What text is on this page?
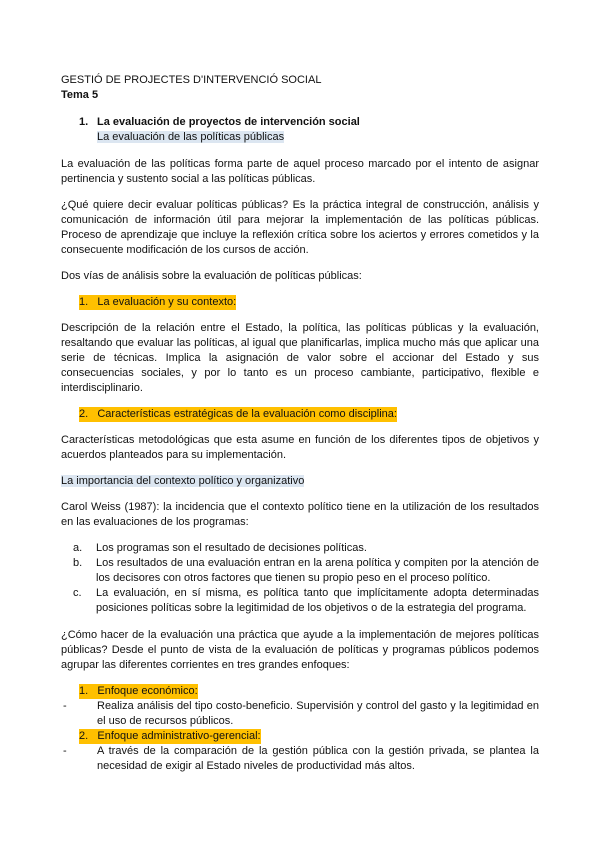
GESTIÓ DE PROJECTES D'INTERVENCIÓ SOCIAL
Tema 5
1. La evaluación de proyectos de intervención social
La evaluación de las políticas públicas

La evaluación de las políticas forma parte de aquel proceso marcado por el intento de asignar pertinencia y sustento social a las políticas públicas.

¿Qué quiere decir evaluar políticas públicas? Es la práctica integral de construcción, análisis y comunicación de información útil para mejorar la implementación de las políticas públicas. Proceso de aprendizaje que incluye la reflexión crítica sobre los aciertos y errores cometidos y la consecuente modificación de los cursos de acción.

Dos vías de análisis sobre la evaluación de políticas públicas:

1. La evaluación y su contexto:

Descripción de la relación entre el Estado, la política, las políticas públicas y la evaluación, resaltando que evaluar las políticas, al igual que planificarlas, implica mucho más que aplicar una serie de técnicas. Implica la asignación de valor sobre el accionar del Estado y sus consecuencias sociales, y por lo tanto es un proceso cambiante, participativo, flexible e interdisciplinario.

2. Características estratégicas de la evaluación como disciplina:

Características metodológicas que esta asume en función de los diferentes tipos de objetivos y acuerdos planteados para su implementación.

La importancia del contexto político y organizativo

Carol Weiss (1987): la incidencia que el contexto político tiene en la utilización de los resultados en las evaluaciones de los programas:

a.	Los programas son el resultado de decisiones políticas.
b.	Los resultados de una evaluación entran en la arena política y compiten por la atención de los decisores con otros factores que tienen su propio peso en el proceso político.
c.	La evaluación, en sí misma, es política tanto que implícitamente adopta determinadas posiciones políticas sobre la legitimidad de los objetivos o de la estrategia del programa.

¿Cómo hacer de la evaluación una práctica que ayude a la implementación de mejores políticas públicas? Desde el punto de vista de la evaluación de políticas y programas públicos podemos agrupar las diferentes corrientes en tres grandes enfoques:

1. Enfoque económico:
-	Realiza análisis del tipo costo-beneficio. Supervisión y control del gasto y la legitimidad en el uso de recursos públicos.
2. Enfoque administrativo-gerencial:
-	A través de la comparación de la gestión pública con la gestión privada, se plantea la necesidad de exigir al Estado niveles de productividad más altos.
